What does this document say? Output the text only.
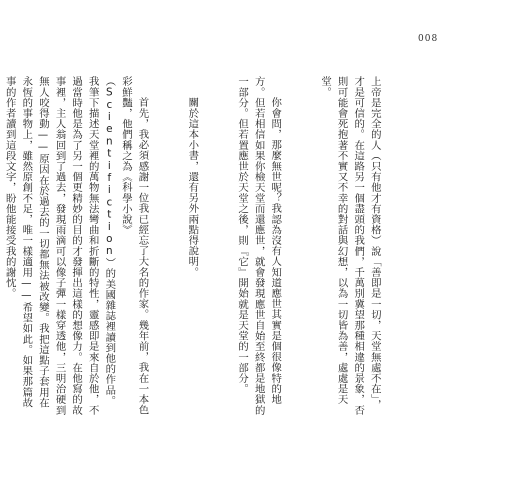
008

上帝是完全的人（只有他才有資格）說「善即是一切，天堂無處不在」，才是可信的。在這路另一個盡頭的我們，千萬別冀望那種相違的景象，否則可能會死抱著不實又不幸的對話與幻想，以為一切皆為善，處處是天堂。

你會問，那麼無世呢？我認為沒有人知道應世其實是個很像特的地方。但若相信如果你檢天堂而還應世，就會發現應世自始至終都是地獄的一部分。但若置應世於天堂之後，則『它』開始就是天堂的一部分。

關於這本小書，還有另外兩點得說明。

首先，我必須感謝一位我已經忘了大名的作家。幾年前，我在一本色彩鮮豔，他們稱之為《科學小說》（Scientifiction）的美國雜誌裡讀到他的作品。我筆下描述天堂裡的萬物無法彎曲和折斷的特性，靈感即是來自於他，不過當時他是為了另一個更精妙的目的才發揮出這樣的想像力。在他寫的故事裡，主人翁回到了過去，發現雨滴可以像子彈一樣穿透他，三明治硬到無人咬得動——原因在於過去的一切都無法被改變。我把這點子套用在永恆的事物上，雖然原創不足，唯一樣適用——希望如此。如果那篇故事的作者讀到這段文字，盼他能接受我的謝忱。
